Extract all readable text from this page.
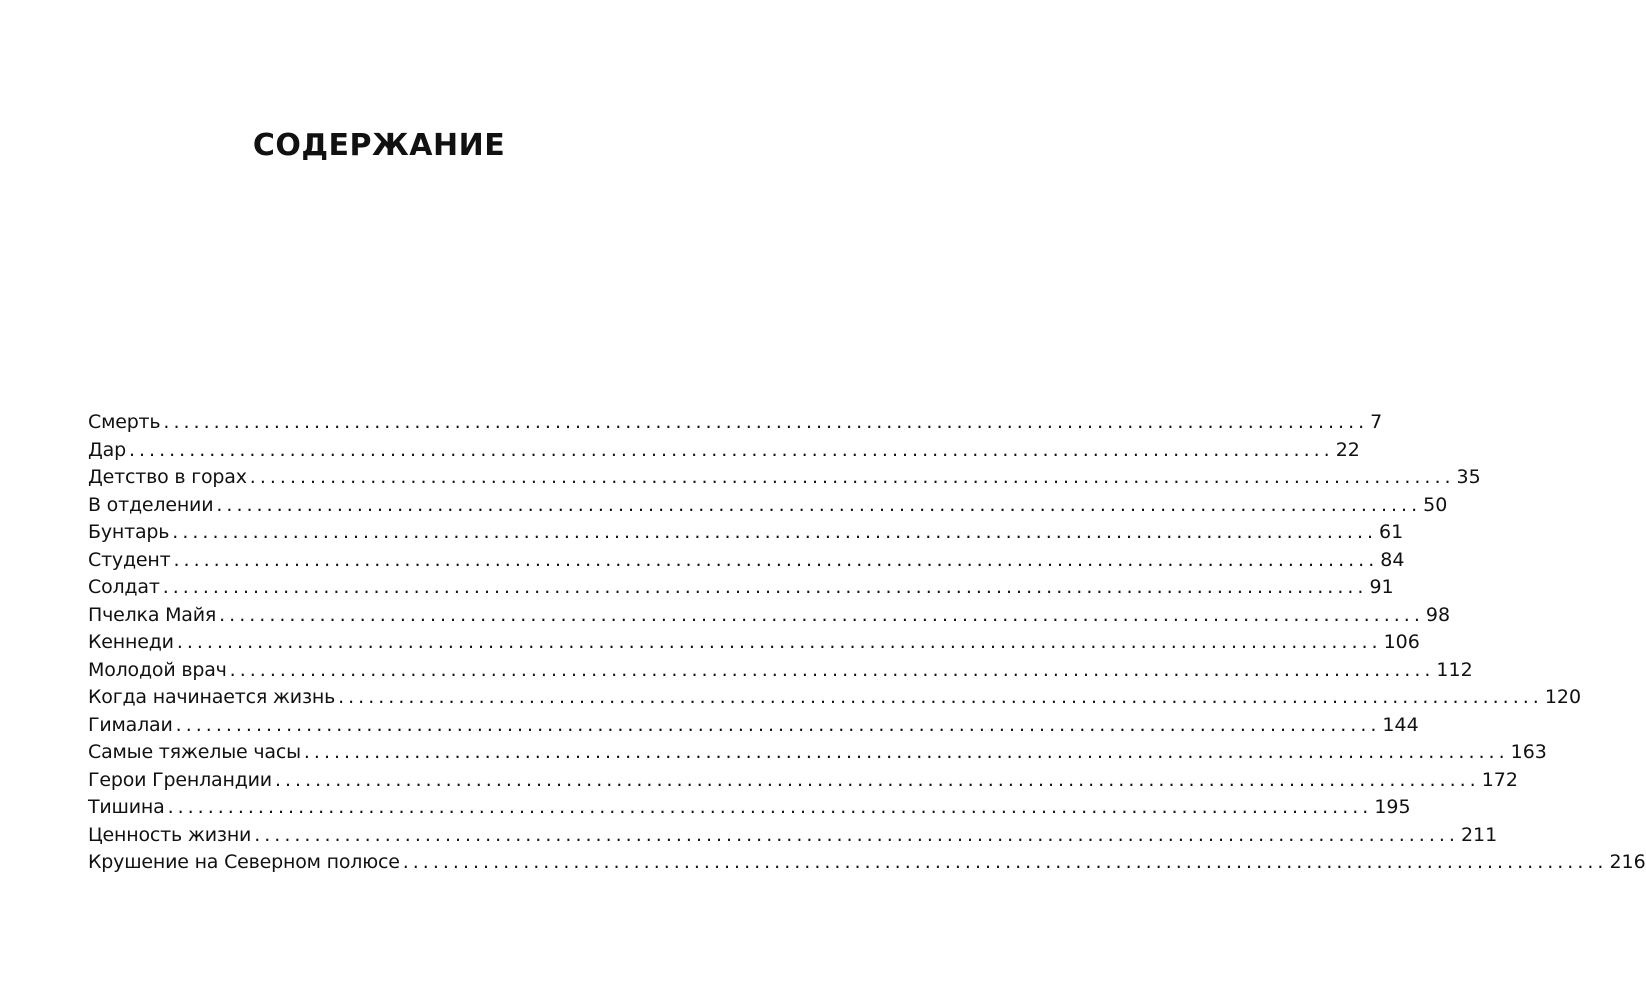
СОДЕРЖАНИЕ
Смерть ........................................................................................................................ 7
Дар ........................................................................................................................ 22
Детство в горах ........................................................................................................................ 35
В отделении ........................................................................................................................ 50
Бунтарь ........................................................................................................................ 61
Студент ........................................................................................................................ 84
Солдат ........................................................................................................................ 91
Пчелка Майя ........................................................................................................................ 98
Кеннеди ........................................................................................................................ 106
Молодой врач ........................................................................................................................ 112
Когда начинается жизнь ........................................................................................................................ 120
Гималаи ........................................................................................................................ 144
Самые тяжелые часы ........................................................................................................................ 163
Герои Гренландии ........................................................................................................................ 172
Тишина ........................................................................................................................ 195
Ценность жизни ........................................................................................................................ 211
Крушение на Северном полюсе ........................................................................................................................ 216
